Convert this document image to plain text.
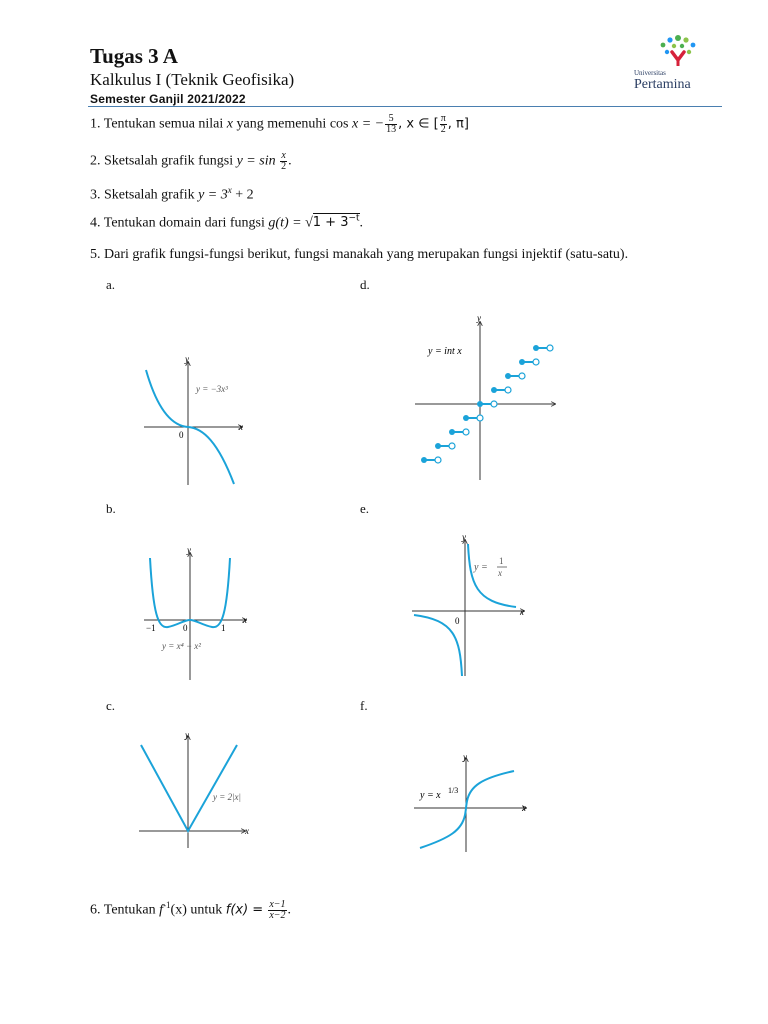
Tugas 3 A
Kalkulus I (Teknik Geofisika)
Semester Ganjil 2021/2022
Universitas
Pertamina
1. Tentukan semua nilai x yang memenuhi cos x = − $\frac{5}{13}$ , x ∈ [ $\frac{\pi}{2}$ , π]
2. Sketsalah grafik fungsi $y = \sin \frac{x}{2}$ .
3. Sketsalah grafik $y = 3^x + 2$
4. Tentukan domain dari fungsi $g(t) = √1 + 3^{-t}$.
5. Dari grafik fungsi-fungsi berikut, fungsi manakah yang merupakan fungsi injektif (satu-satu).
a.	d.
b.	e.
c.	f.
y
x
0
y = −3x³
y
y = int x
y
x
0
−1	1
y = x⁴ − x²
y
x
0
y =
1
x
y
x
y = 2|x|
y
x
y = x 1/3
6. Tentukan $f^{-1}(x)$ untuk $f(x) = \frac{x-1}{x-2}$ .
